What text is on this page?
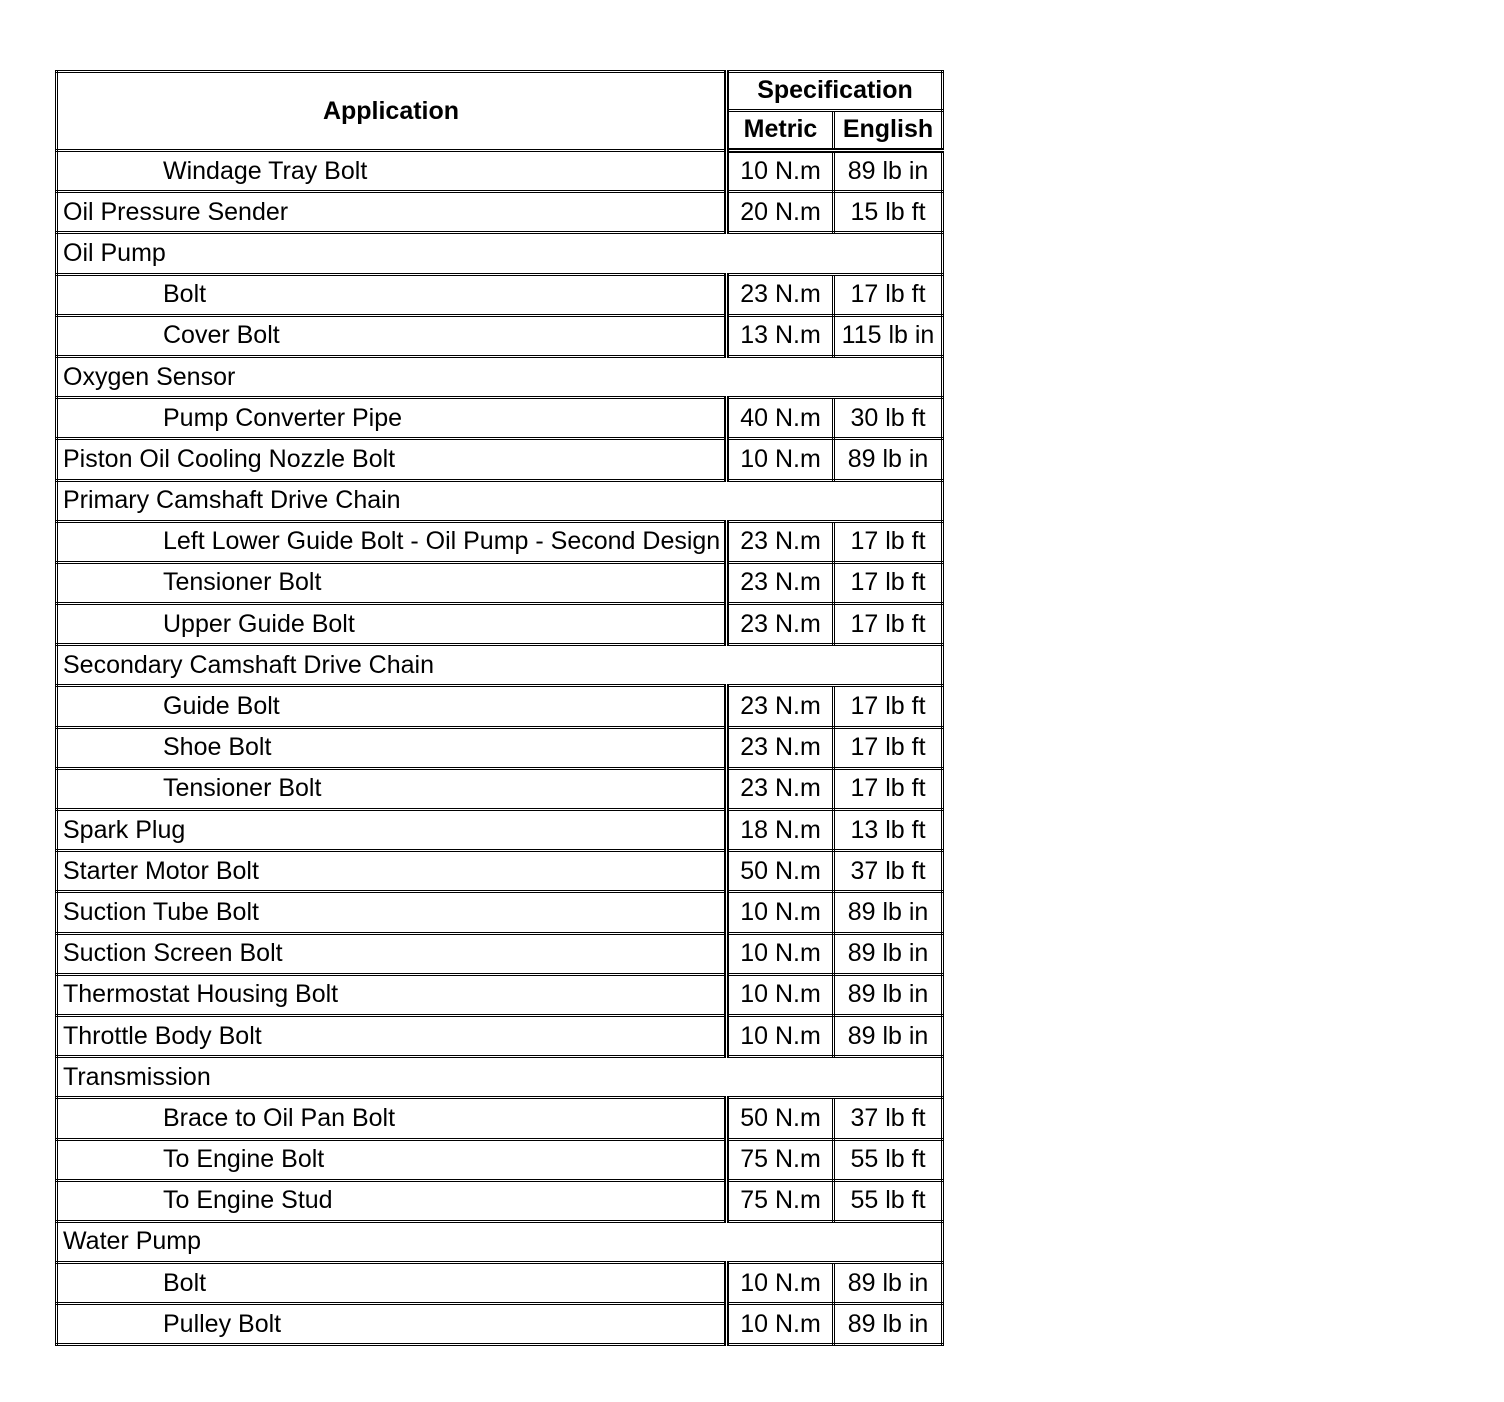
Application	Specification	
	Metric	English
Windage Tray Bolt	10 N.m	89 lb in
Oil Pressure Sender	20 N.m	15 lb ft
Oil Pump		
Bolt	23 N.m	17 lb ft
Cover Bolt	13 N.m	115 lb in
Oxygen Sensor		
Pump Converter Pipe	40 N.m	30 lb ft
Piston Oil Cooling Nozzle Bolt	10 N.m	89 lb in
Primary Camshaft Drive Chain		
Left Lower Guide Bolt - Oil Pump - Second Design	23 N.m	17 lb ft
Tensioner Bolt	23 N.m	17 lb ft
Upper Guide Bolt	23 N.m	17 lb ft
Secondary Camshaft Drive Chain		
Guide Bolt	23 N.m	17 lb ft
Shoe Bolt	23 N.m	17 lb ft
Tensioner Bolt	23 N.m	17 lb ft
Spark Plug	18 N.m	13 lb ft
Starter Motor Bolt	50 N.m	37 lb ft
Suction Tube Bolt	10 N.m	89 lb in
Suction Screen Bolt	10 N.m	89 lb in
Thermostat Housing Bolt	10 N.m	89 lb in
Throttle Body Bolt	10 N.m	89 lb in
Transmission		
Brace to Oil Pan Bolt	50 N.m	37 lb ft
To Engine Bolt	75 N.m	55 lb ft
To Engine Stud	75 N.m	55 lb ft
Water Pump		
Bolt	10 N.m	89 lb in
Pulley Bolt	10 N.m	89 lb in
